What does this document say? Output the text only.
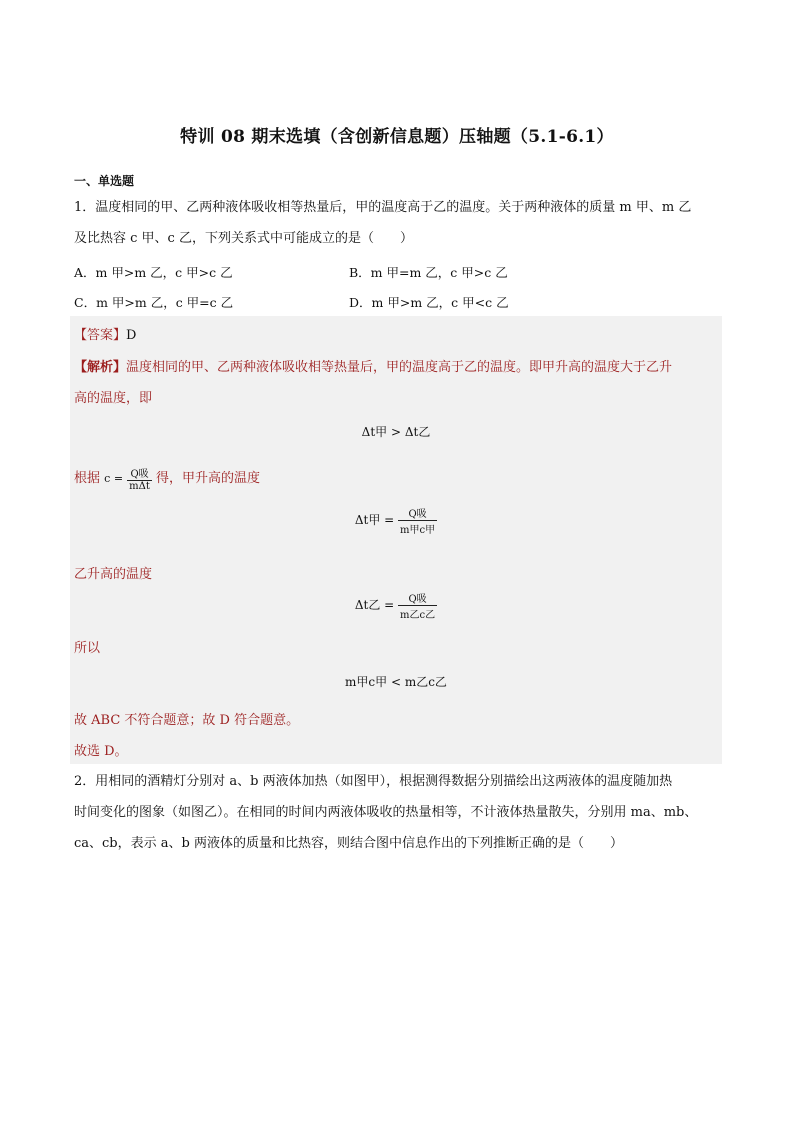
特训 08 期末选填（含创新信息题）压轴题（5.1-6.1）
一、单选题
1．温度相同的甲、乙两种液体吸收相等热量后，甲的温度高于乙的温度。关于两种液体的质量 m 甲、m 乙
及比热容 c 甲、c 乙，下列关系式中可能成立的是（　　）
A．m 甲>m 乙，c 甲>c 乙	B．m 甲=m 乙，c 甲>c 乙
C．m 甲>m 乙，c 甲=c 乙	D．m 甲>m 乙，c 甲<c 乙
【答案】D
【解析】温度相同的甲、乙两种液体吸收相等热量后，甲的温度高于乙的温度。即甲升高的温度大于乙升
高的温度，即
Δt甲 > Δt乙
根据 $c = \frac{\text{Q吸}}{\text{mΔt}}$ 得，甲升高的温度
Δt甲 = $\frac{\text{Q吸}}{\text{m甲c甲}}$
乙升高的温度
Δt乙 = $\frac{\text{Q吸}}{\text{m乙c乙}}$
所以
m甲c甲 < m乙c乙
故 ABC 不符合题意；故 D 符合题意。
故选 D。
2．用相同的酒精灯分别对 a、b 两液体加热（如图甲），根据测得数据分别描绘出这两液体的温度随加热
时间变化的图象（如图乙）。在相同的时间内两液体吸收的热量相等，不计液体热量散失，分别用 ma、mb、
ca、cb，表示 a、b 两液体的质量和比热容，则结合图中信息作出的下列推断正确的是（　　）
